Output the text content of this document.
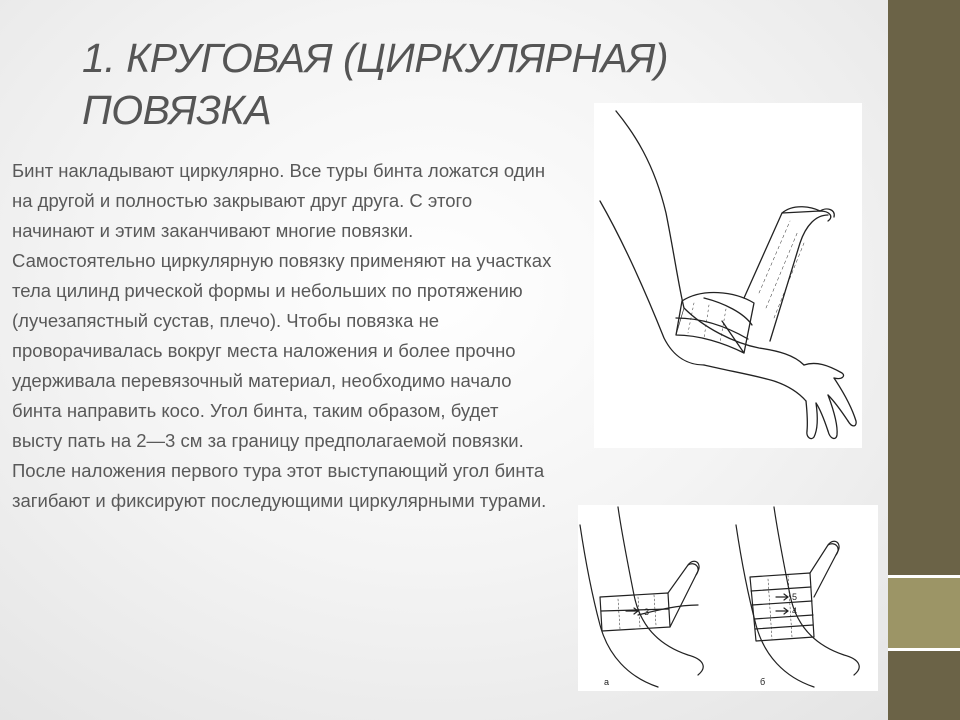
1. КРУГОВАЯ (ЦИРКУЛЯРНАЯ) ПОВЯЗКА
Бинт накладывают циркулярно. Все туры бинта ложатся один на другой и полностью закрывают друг друга. С этого начинают и этим заканчивают многие повязки. Самостоятельно циркулярную повязку применяют на участках тела цилинд рической формы и небольших по протяжению (лучезапястный сустав, плечо). Чтобы повязка не проворачивалась вокруг места наложения и более прочно удерживала перевязочный материал, необходимо начало бинта направить косо. Угол бинта, таким образом, будет высту пать на 2—3 см за границу предполагаемой повязки. После наложения первого тура этот выступающий угол бинта загибают и фиксируют последующими циркулярными турами.
3
5
4
а	б
